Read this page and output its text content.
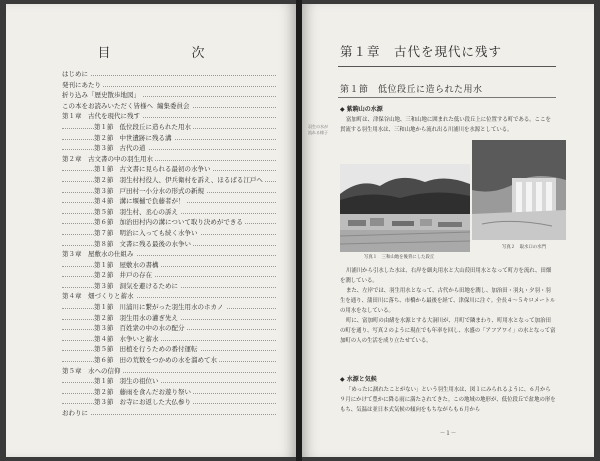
目　次
はじめに
発刊にあたり
折り込み「歴史散歩地図」
この本をお読みいただく皆様へ 編集委員会
第１章　古代を現代に残す
第１節 低位段丘に造られた用水
第２節 中世遺跡に残る溝
第３節 古代の道
第２章　古文書の中の羽生用水
第１節 古文書に見られる最初の水争い
第２節 羽生村村役人、伊兵衛村を訴え、ほるばる江戸へ
第３節 戸田村一小分水の形式の新規
第４節 溝に堰樋で負藤者が！
第５節 羽生村、丞心の訴え
第６節 加治田村内の溝について取り決めができる
第７節 明治に入っても続く水争い
第８節 文書に残る最後の水争い
第３章　屋敷水の仕組み
第１節 屋敷水の書構
第２節 井戸の存在
第３節 洞気を避けるために
第４章　畑づくりと蓄水
第１節 川浦川に繋がった羽生用水のホカノ
第２節 羽生用水の灌ぎ先え
第３節 百姓衆の中の水の配分
第４節 水争いと蓄水
第５節 田植を行うための番付運転
第６節 田の荒数をつかめの水を溜めて水
第５章　水への信仰
第１節 羽生の祖位い
第２節 藤雨を食んだお遊り祭い
第３節 お寺にお返した大仏参り
おわりに
第１章　古代を現代に残す
第１節　低位段丘に造られた用水
羽生の水が流れる様子
◆ 紫駒山の水源

富加町は、津保谷山地、三和山地に囲まれた低い段丘上に位置する町である。ここを貫流する羽生用水は、三和山地から流れ出る川浦川を水源としている。

写真１　三和山地を後背にした段丘
写真２　取水口の水門

川浦川から引水した水は、右岸を細丸用水と大山葭田用水となって町方を流れ、田畑を潤している。

また、左岸では、羽生用水となって、古代から田地を潤し、加治田・羽丸・夕羽・羽生を通り、蒲田川に落ち、市橋から最後を経て、津保川に注ぐ。全長４～５キロメートルの用水をなしている。

町に、富加町の由緒を水源とする大洞川が、月町で隣まわり、町用水となって加治田の町を通り、写真２のように現在でも年率を回し、水盛の「アフアワイ」の水となって富加町の人の生活を成り立たせている。

◆ 水源と気候

「めったに涸れたことがない」という羽生用水は、図１にみられるように、６月から９月にかけて豊かに降る雨に満たされてきた。この地域の地形が、低位段丘で盆地の形をもち、気温は並日本式気候の傾向をもちながらも６月から

－１－
